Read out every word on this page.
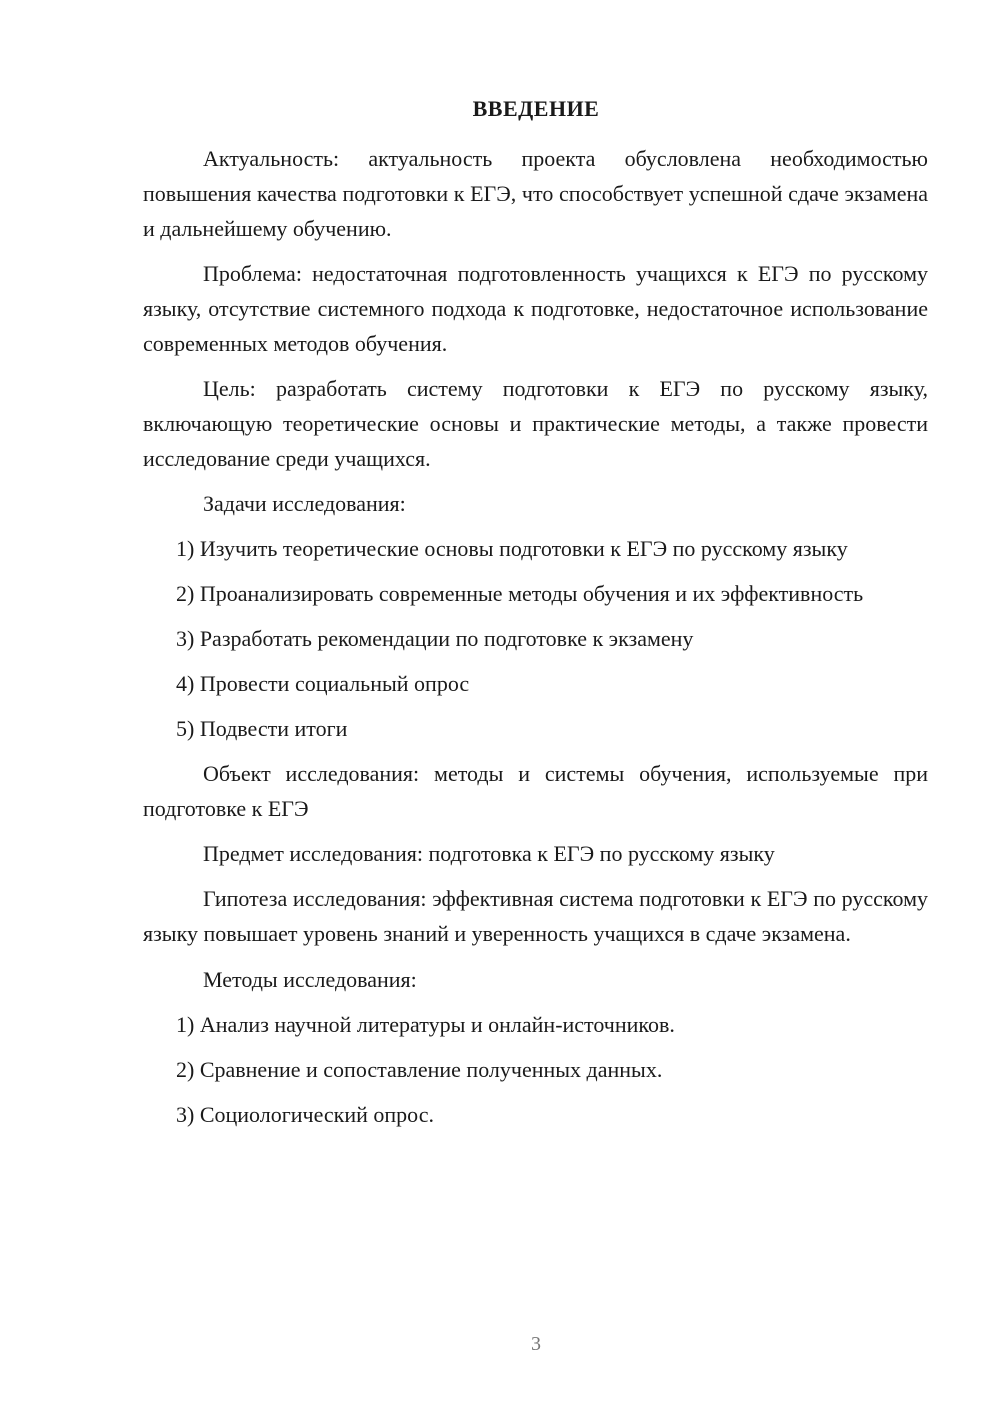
ВВЕДЕНИЕ

Актуальность: актуальность проекта обусловлена необходимостью повышения качества подготовки к ЕГЭ, что способствует успешной сдаче экзамена и дальнейшему обучению.

Проблема: недостаточная подготовленность учащихся к ЕГЭ по русскому языку, отсутствие системного подхода к подготовке, недостаточное использование современных методов обучения.

Цель: разработать систему подготовки к ЕГЭ по русскому языку, включающую теоретические основы и практические методы, а также провести исследование среди учащихся.

Задачи исследования:

1) Изучить теоретические основы подготовки к ЕГЭ по русскому языку

2) Проанализировать современные методы обучения и их эффективность

3) Разработать рекомендации по подготовке к экзамену

4) Провести социальный опрос

5) Подвести итоги

Объект исследования: методы и системы обучения, используемые при подготовке к ЕГЭ

Предмет исследования: подготовка к ЕГЭ по русскому языку

Гипотеза исследования: эффективная система подготовки к ЕГЭ по русскому языку повышает уровень знаний и уверенность учащихся в сдаче экзамена.

Методы исследования:

1) Анализ научной литературы и онлайн-источников.

2) Сравнение и сопоставление полученных данных.

3) Социологический опрос.

3
